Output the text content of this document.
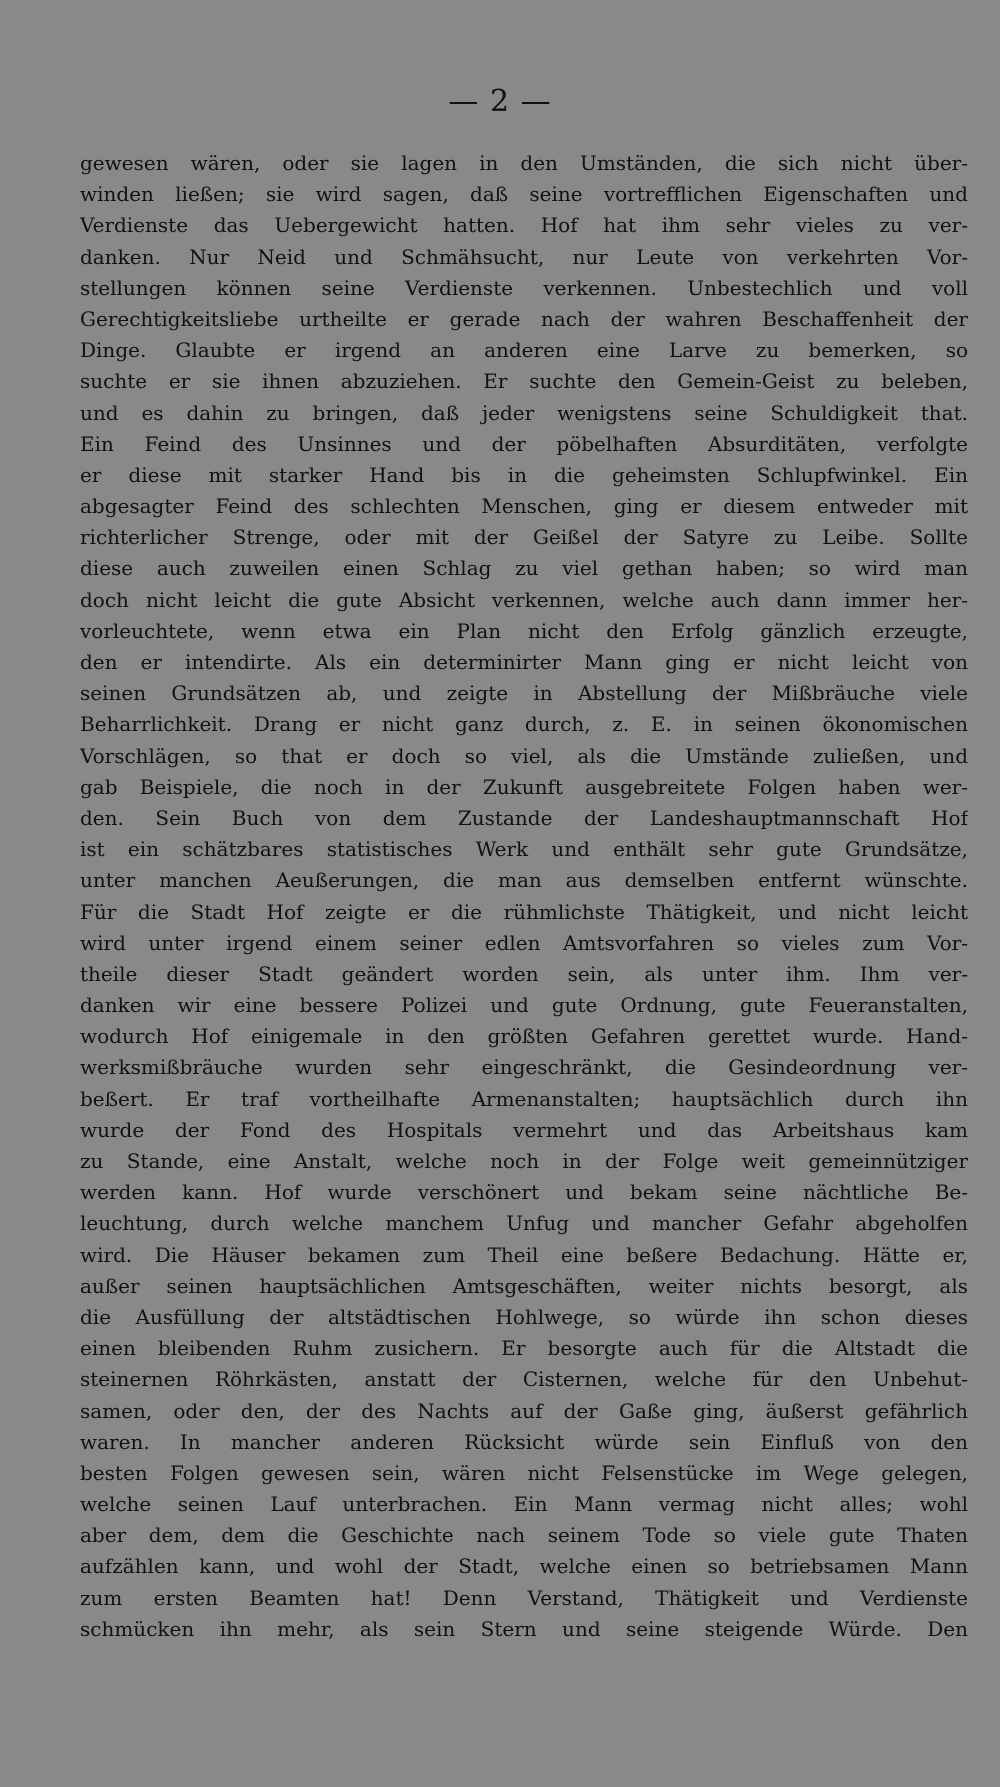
— 2 —
gewesen wären, oder sie lagen in den Umständen, die sich nicht über-
winden ließen; sie wird sagen, daß seine vortrefflichen Eigenschaften und
Verdienste das Uebergewicht hatten. Hof hat ihm sehr vieles zu ver-
danken. Nur Neid und Schmähsucht, nur Leute von verkehrten Vor-
stellungen können seine Verdienste verkennen. Unbestechlich und voll
Gerechtigkeitsliebe urtheilte er gerade nach der wahren Beschaffenheit der
Dinge. Glaubte er irgend an anderen eine Larve zu bemerken, so
suchte er sie ihnen abzuziehen. Er suchte den Gemein-Geist zu beleben,
und es dahin zu bringen, daß jeder wenigstens seine Schuldigkeit that.
Ein Feind des Unsinnes und der pöbelhaften Absurditäten, verfolgte
er diese mit starker Hand bis in die geheimsten Schlupfwinkel. Ein
abgesagter Feind des schlechten Menschen, ging er diesem entweder mit
richterlicher Strenge, oder mit der Geißel der Satyre zu Leibe. Sollte
diese auch zuweilen einen Schlag zu viel gethan haben; so wird man
doch nicht leicht die gute Absicht verkennen, welche auch dann immer her-
vorleuchtete, wenn etwa ein Plan nicht den Erfolg gänzlich erzeugte,
den er intendirte. Als ein determinirter Mann ging er nicht leicht von
seinen Grundsätzen ab, und zeigte in Abstellung der Mißbräuche viele
Beharrlichkeit. Drang er nicht ganz durch, z. E. in seinen ökonomischen
Vorschlägen, so that er doch so viel, als die Umstände zuließen, und
gab Beispiele, die noch in der Zukunft ausgebreitete Folgen haben wer-
den. Sein Buch von dem Zustande der Landeshauptmannschaft Hof
ist ein schätzbares statistisches Werk und enthält sehr gute Grundsätze,
unter manchen Aeußerungen, die man aus demselben entfernt wünschte.
Für die Stadt Hof zeigte er die rühmlichste Thätigkeit, und nicht leicht
wird unter irgend einem seiner edlen Amtsvorfahren so vieles zum Vor-
theile dieser Stadt geändert worden sein, als unter ihm. Ihm ver-
danken wir eine bessere Polizei und gute Ordnung, gute Feueranstalten,
wodurch Hof einigemale in den größten Gefahren gerettet wurde. Hand-
werksmißbräuche wurden sehr eingeschränkt, die Gesindeordnung ver-
beßert. Er traf vortheilhafte Armenanstalten; hauptsächlich durch ihn
wurde der Fond des Hospitals vermehrt und das Arbeitshaus kam
zu Stande, eine Anstalt, welche noch in der Folge weit gemeinnütziger
werden kann. Hof wurde verschönert und bekam seine nächtliche Be-
leuchtung, durch welche manchem Unfug und mancher Gefahr abgeholfen
wird. Die Häuser bekamen zum Theil eine beßere Bedachung. Hätte er,
außer seinen hauptsächlichen Amtsgeschäften, weiter nichts besorgt, als
die Ausfüllung der altstädtischen Hohlwege, so würde ihn schon dieses
einen bleibenden Ruhm zusichern. Er besorgte auch für die Altstadt die
steinernen Röhrkästen, anstatt der Cisternen, welche für den Unbehut-
samen, oder den, der des Nachts auf der Gaße ging, äußerst gefährlich
waren. In mancher anderen Rücksicht würde sein Einfluß von den
besten Folgen gewesen sein, wären nicht Felsenstücke im Wege gelegen,
welche seinen Lauf unterbrachen. Ein Mann vermag nicht alles; wohl
aber dem, dem die Geschichte nach seinem Tode so viele gute Thaten
aufzählen kann, und wohl der Stadt, welche einen so betriebsamen Mann
zum ersten Beamten hat! Denn Verstand, Thätigkeit und Verdienste
schmücken ihn mehr, als sein Stern und seine steigende Würde. Den
